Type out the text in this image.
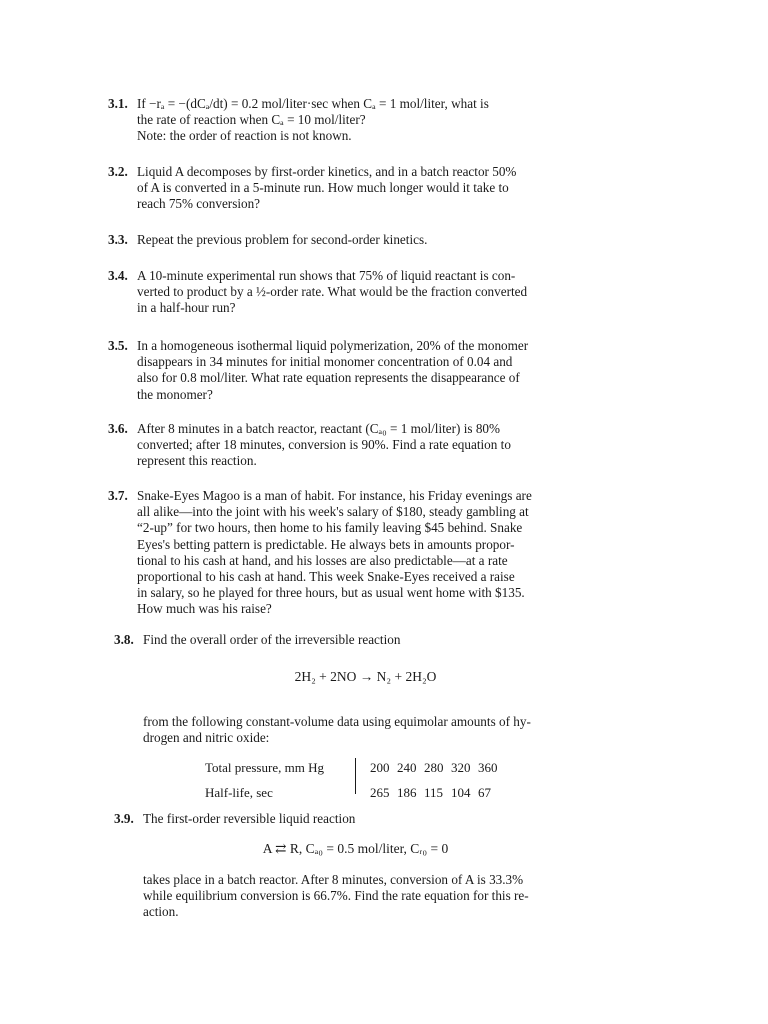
3.1. If −rₐ = −(dCₐ/dt) = 0.2 mol/liter·sec when Cₐ = 1 mol/liter, what is
the rate of reaction when Cₐ = 10 mol/liter?
Note: the order of reaction is not known.
3.2. Liquid A decomposes by first-order kinetics, and in a batch reactor 50%
of A is converted in a 5-minute run. How much longer would it take to
reach 75% conversion?
3.3. Repeat the previous problem for second-order kinetics.
3.4. A 10-minute experimental run shows that 75% of liquid reactant is con-
verted to product by a ½-order rate. What would be the fraction converted
in a half-hour run?
3.5. In a homogeneous isothermal liquid polymerization, 20% of the monomer
disappears in 34 minutes for initial monomer concentration of 0.04 and
also for 0.8 mol/liter. What rate equation represents the disappearance of
the monomer?
3.6. After 8 minutes in a batch reactor, reactant (Cₐ₀ = 1 mol/liter) is 80%
converted; after 18 minutes, conversion is 90%. Find a rate equation to
represent this reaction.
3.7. Snake-Eyes Magoo is a man of habit. For instance, his Friday evenings are
all alike—into the joint with his week's salary of $180, steady gambling at
“2-up” for two hours, then home to his family leaving $45 behind. Snake
Eyes's betting pattern is predictable. He always bets in amounts propor-
tional to his cash at hand, and his losses are also predictable—at a rate
proportional to his cash at hand. This week Snake-Eyes received a raise
in salary, so he played for three hours, but as usual went home with $135.
How much was his raise?
3.8. Find the overall order of the irreversible reaction
2H₂ + 2NO → N₂ + 2H₂O
from the following constant-volume data using equimolar amounts of hy-
drogen and nitric oxide:
Total pressure, mm Hg	200 240 280 320 360
Half-life, sec	265 186 115 104 67
3.9. The first-order reversible liquid reaction
A ⇄ R, Cₐ₀ = 0.5 mol/liter, Cᵣ₀ = 0
takes place in a batch reactor. After 8 minutes, conversion of A is 33.3%
while equilibrium conversion is 66.7%. Find the rate equation for this re-
action.
